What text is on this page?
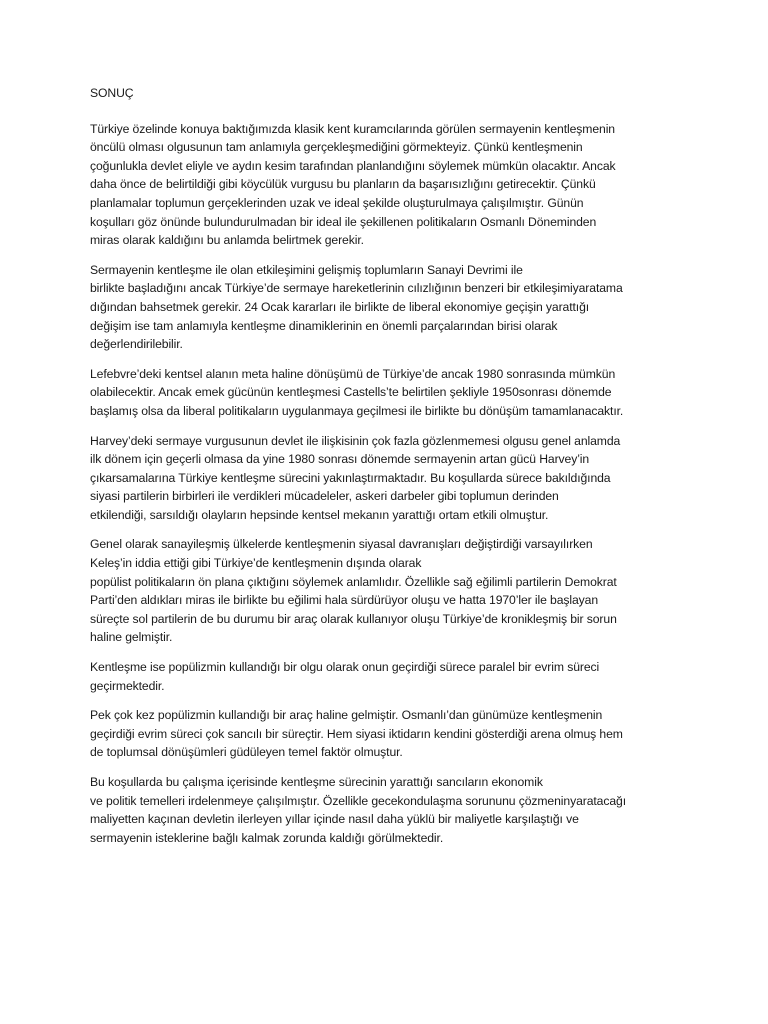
SONUÇ
Türkiye özelinde konuya baktığımızda klasik kent kuramcılarında görülen sermayenin kentleşmenin
öncülü olması olgusunun tam anlamıyla gerçekleşmediğini görmekteyiz. Çünkü kentleşmenin
çoğunlukla devlet eliyle ve aydın kesim tarafından planlandığını söylemek mümkün olacaktır. Ancak
daha önce de belirtildiği gibi köycülük vurgusu bu planların da başarısızlığını getirecektir. Çünkü
planlamalar toplumun gerçeklerinden uzak ve ideal şekilde oluşturulmaya çalışılmıştır. Günün
koşulları göz önünde bulundurulmadan bir ideal ile şekillenen politikaların Osmanlı Döneminden
miras olarak kaldığını bu anlamda belirtmek gerekir.
Sermayenin kentleşme ile olan etkileşimini gelişmiş toplumların Sanayi Devrimi ile
birlikte başladığını ancak Türkiye’de sermaye hareketlerinin cılızlığının benzeri bir etkileşimiyaratama
dığından bahsetmek gerekir. 24 Ocak kararları ile birlikte de liberal ekonomiye geçişin yarattığı
değişim ise tam anlamıyla kentleşme dinamiklerinin en önemli parçalarından birisi olarak
değerlendirilebilir.
Lefebvre’deki kentsel alanın meta haline dönüşümü de Türkiye’de ancak 1980 sonrasında mümkün
olabilecektir. Ancak emek gücünün kentleşmesi Castells’te belirtilen şekliyle 1950sonrası dönemde
başlamış olsa da liberal politikaların uygulanmaya geçilmesi ile birlikte bu dönüşüm tamamlanacaktır.
Harvey’deki sermaye vurgusunun devlet ile ilişkisinin çok fazla gözlenmemesi olgusu genel anlamda
ilk dönem için geçerli olmasa da yine 1980 sonrası dönemde sermayenin artan gücü Harvey’in
çıkarsamalarına Türkiye kentleşme sürecini yakınlaştırmaktadır. Bu koşullarda sürece bakıldığında
siyasi partilerin birbirleri ile verdikleri mücadeleler, askeri darbeler gibi toplumun derinden
etkilendiği, sarsıldığı olayların hepsinde kentsel mekanın yarattığı ortam etkili olmuştur.
Genel olarak sanayileşmiş ülkelerde kentleşmenin siyasal davranışları değiştirdiği varsayılırken
Keleş’in iddia ettiği gibi Türkiye’de kentleşmenin dışında olarak
popülist politikaların ön plana çıktığını söylemek anlamlıdır. Özellikle sağ eğilimli partilerin Demokrat
Parti’den aldıkları miras ile birlikte bu eğilimi hala sürdürüyor oluşu ve hatta 1970’ler ile başlayan
süreçte sol partilerin de bu durumu bir araç olarak kullanıyor oluşu Türkiye’de kronikleşmiş bir sorun
haline gelmiştir.
Kentleşme ise popülizmin kullandığı bir olgu olarak onun geçirdiği sürece paralel bir evrim süreci
geçirmektedir.
Pek çok kez popülizmin kullandığı bir araç haline gelmiştir. Osmanlı’dan günümüze kentleşmenin
geçirdiği evrim süreci çok sancılı bir süreçtir. Hem siyasi iktidarın kendini gösterdiği arena olmuş hem
de toplumsal dönüşümleri güdüleyen temel faktör olmuştur.
Bu koşullarda bu çalışma içerisinde kentleşme sürecinin yarattığı sancıların ekonomik
ve politik temelleri irdelenmeye çalışılmıştır. Özellikle gecekondulaşma sorununu çözmeninyaratacağı
maliyetten kaçınan devletin ilerleyen yıllar içinde nasıl daha yüklü bir maliyetle karşılaştığı ve
sermayenin isteklerine bağlı kalmak zorunda kaldığı görülmektedir.
